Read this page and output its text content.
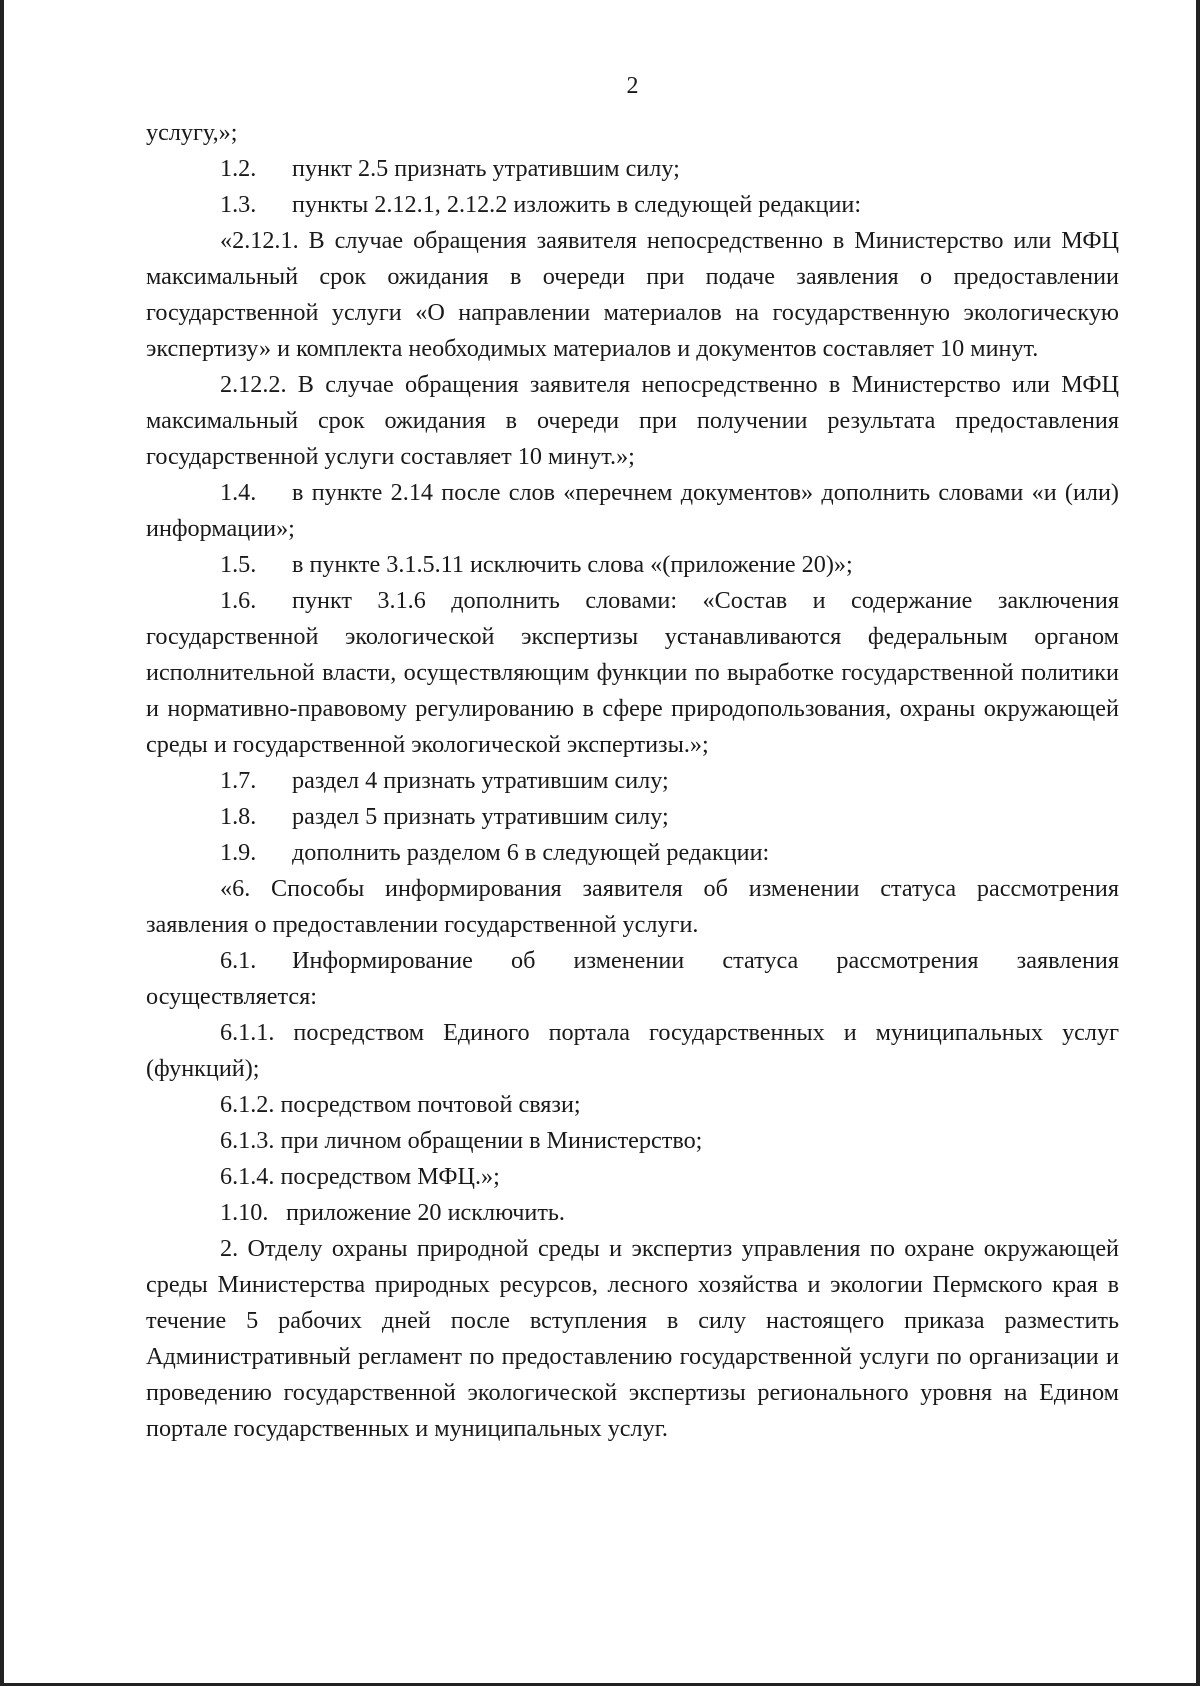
2

услугу,»;

1.2. пункт 2.5 признать утратившим силу;

1.3. пункты 2.12.1, 2.12.2 изложить в следующей редакции:

«2.12.1. В случае обращения заявителя непосредственно в Министерство или МФЦ максимальный срок ожидания в очереди при подаче заявления о предоставлении государственной услуги «О направлении материалов на государственную экологическую экспертизу» и комплекта необходимых материалов и документов составляет 10 минут.

2.12.2. В случае обращения заявителя непосредственно в Министерство или МФЦ максимальный срок ожидания в очереди при получении результата предоставления государственной услуги составляет 10 минут.»;

1.4. в пункте 2.14 после слов «перечнем документов» дополнить словами «и (или) информации»;

1.5. в пункте 3.1.5.11 исключить слова «(приложение 20)»;

1.6. пункт 3.1.6 дополнить словами: «Состав и содержание заключения государственной экологической экспертизы устанавливаются федеральным органом исполнительной власти, осуществляющим функции по выработке государственной политики и нормативно-правовому регулированию в сфере природопользования, охраны окружающей среды и государственной экологической экспертизы.»;

1.7. раздел 4 признать утратившим силу;

1.8. раздел 5 признать утратившим силу;

1.9. дополнить разделом 6 в следующей редакции:

«6. Способы информирования заявителя об изменении статуса рассмотрения заявления о предоставлении государственной услуги.

6.1. Информирование об изменении статуса рассмотрения заявления осуществляется:

6.1.1. посредством Единого портала государственных и муниципальных услуг (функций);

6.1.2. посредством почтовой связи;

6.1.3. при личном обращении в Министерство;

6.1.4. посредством МФЦ.»;

1.10. приложение 20 исключить.

2. Отделу охраны природной среды и экспертиз управления по охране окружающей среды Министерства природных ресурсов, лесного хозяйства и экологии Пермского края в течение 5 рабочих дней после вступления в силу настоящего приказа разместить Административный регламент по предоставлению государственной услуги по организации и проведению государственной экологической экспертизы регионального уровня на Едином портале государственных и муниципальных услуг.
